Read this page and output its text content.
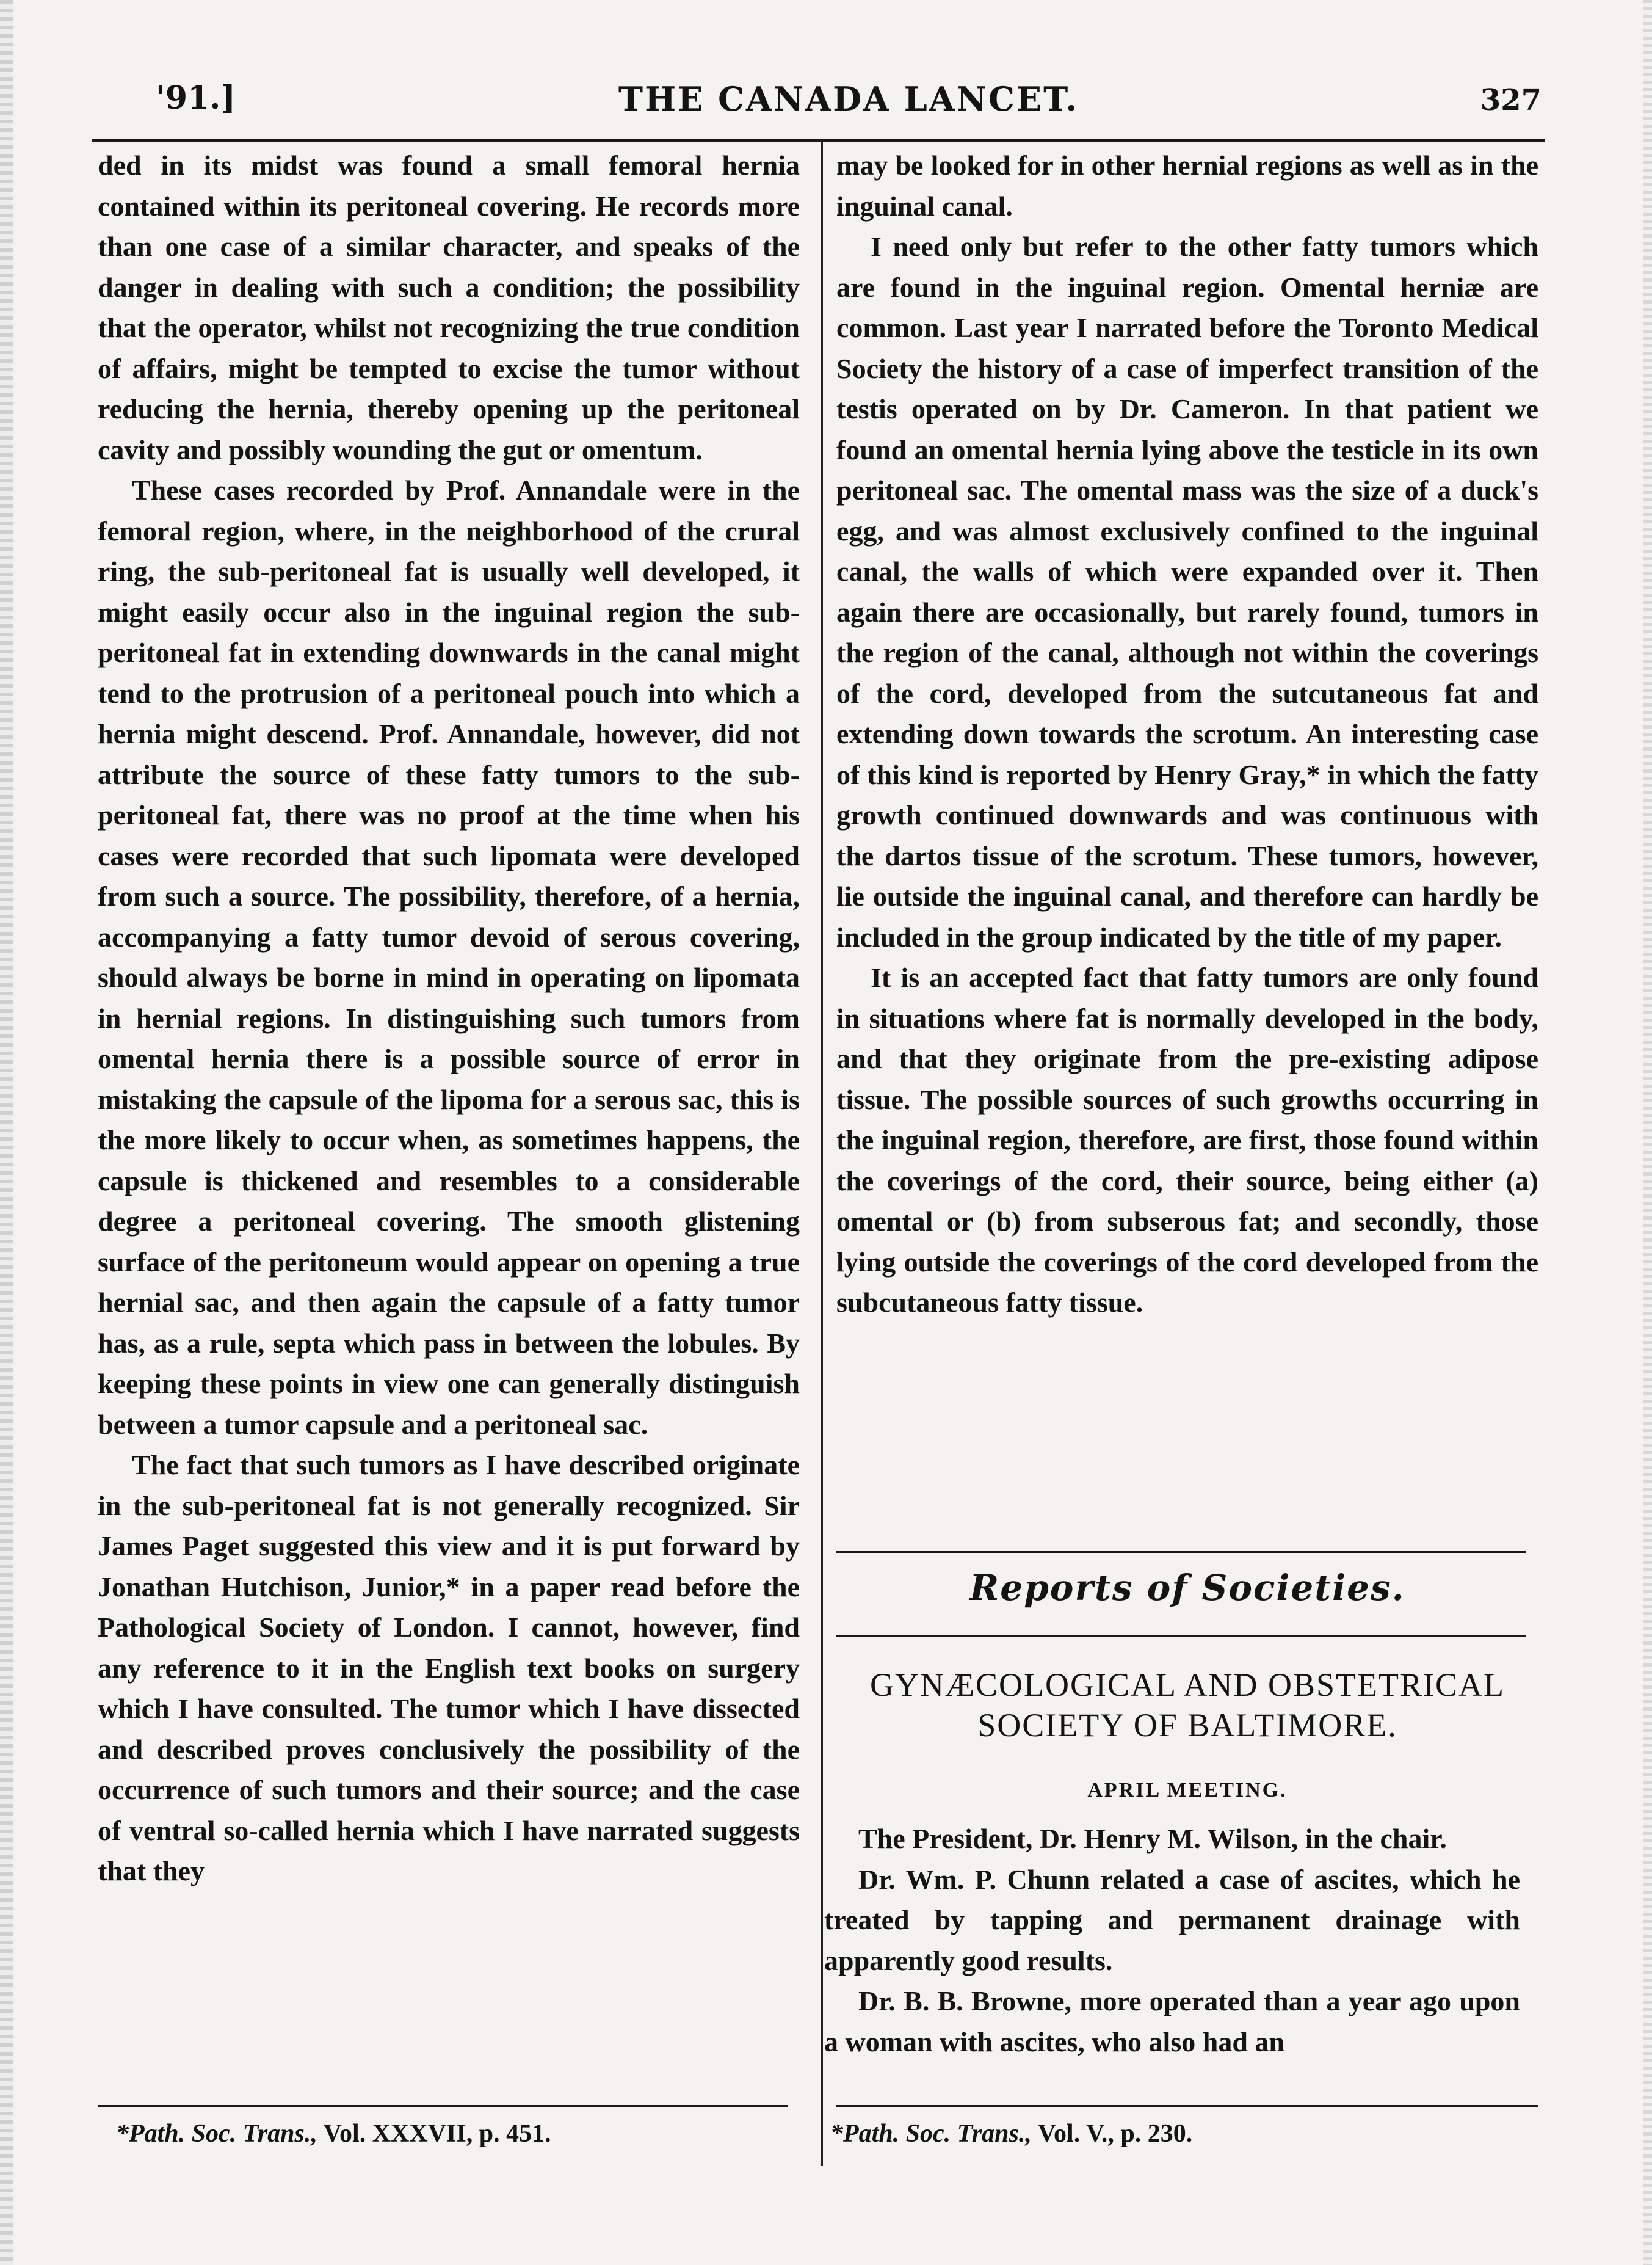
'91.]	THE CANADA LANCET.	327

ded in its midst was found a small femoral hernia contained within its peritoneal covering. He records more than one case of a similar character, and speaks of the danger in dealing with such a condition; the possibility that the operator, whilst not recognizing the true condition of affairs, might be tempted to excise the tumor without reducing the hernia, thereby opening up the peritoneal cavity and possibly wounding the gut or omentum.

These cases recorded by Prof. Annandale were in the femoral region, where, in the neighborhood of the crural ring, the sub-peritoneal fat is usually well developed, it might easily occur also in the inguinal region the sub-peritoneal fat in extending downwards in the canal might tend to the protrusion of a peritoneal pouch into which a hernia might descend. Prof. Annandale, however, did not attribute the source of these fatty tumors to the sub-peritoneal fat, there was no proof at the time when his cases were recorded that such lipomata were developed from such a source. The possibility, therefore, of a hernia, accompanying a fatty tumor devoid of serous covering, should always be borne in mind in operating on lipomata in hernial regions. In distinguishing such tumors from omental hernia there is a possible source of error in mistaking the capsule of the lipoma for a serous sac, this is the more likely to occur when, as sometimes happens, the capsule is thickened and resembles to a considerable degree a peritoneal covering. The smooth glistening surface of the peritoneum would appear on opening a true hernial sac, and then again the capsule of a fatty tumor has, as a rule, septa which pass in between the lobules. By keeping these points in view one can generally distinguish between a tumor capsule and a peritoneal sac.

The fact that such tumors as I have described originate in the sub-peritoneal fat is not generally recognized. Sir James Paget suggested this view and it is put forward by Jonathan Hutchison, Junior,* in a paper read before the Pathological Society of London. I cannot, however, find any reference to it in the English text books on surgery which I have consulted. The tumor which I have dissected and described proves conclusively the possibility of the occurrence of such tumors and their source; and the case of ventral so-called hernia which I have narrated suggests that they

may be looked for in other hernial regions as well as in the inguinal canal.

I need only but refer to the other fatty tumors which are found in the inguinal region. Omental herniæ are common. Last year I narrated before the Toronto Medical Society the history of a case of imperfect transition of the testis operated on by Dr. Cameron. In that patient we found an omental hernia lying above the testicle in its own peritoneal sac. The omental mass was the size of a duck's egg, and was almost exclusively confined to the inguinal canal, the walls of which were expanded over it. Then again there are occasionally, but rarely found, tumors in the region of the canal, although not within the coverings of the cord, developed from the sutcutaneous fat and extending down towards the scrotum. An interesting case of this kind is reported by Henry Gray,* in which the fatty growth continued downwards and was continuous with the dartos tissue of the scrotum. These tumors, however, lie outside the inguinal canal, and therefore can hardly be included in the group indicated by the title of my paper.

It is an accepted fact that fatty tumors are only found in situations where fat is normally developed in the body, and that they originate from the pre-existing adipose tissue. The possible sources of such growths occurring in the inguinal region, therefore, are first, those found within the coverings of the cord, their source, being either (a) omental or (b) from subserous fat; and secondly, those lying outside the coverings of the cord developed from the subcutaneous fatty tissue.

Reports of Societies.
GYNÆCOLOGICAL AND OBSTETRICAL
SOCIETY OF BALTIMORE.
APRIL MEETING.

The President, Dr. Henry M. Wilson, in the chair.

Dr. Wm. P. Chunn related a case of ascites, which he treated by tapping and permanent drainage with apparently good results.

Dr. B. B. Browne, more operated than a year ago upon a woman with ascites, who also had an

*Path. Soc. Trans., Vol. XXXVII, p. 451.	*Path. Soc. Trans., Vol. V., p. 230.
